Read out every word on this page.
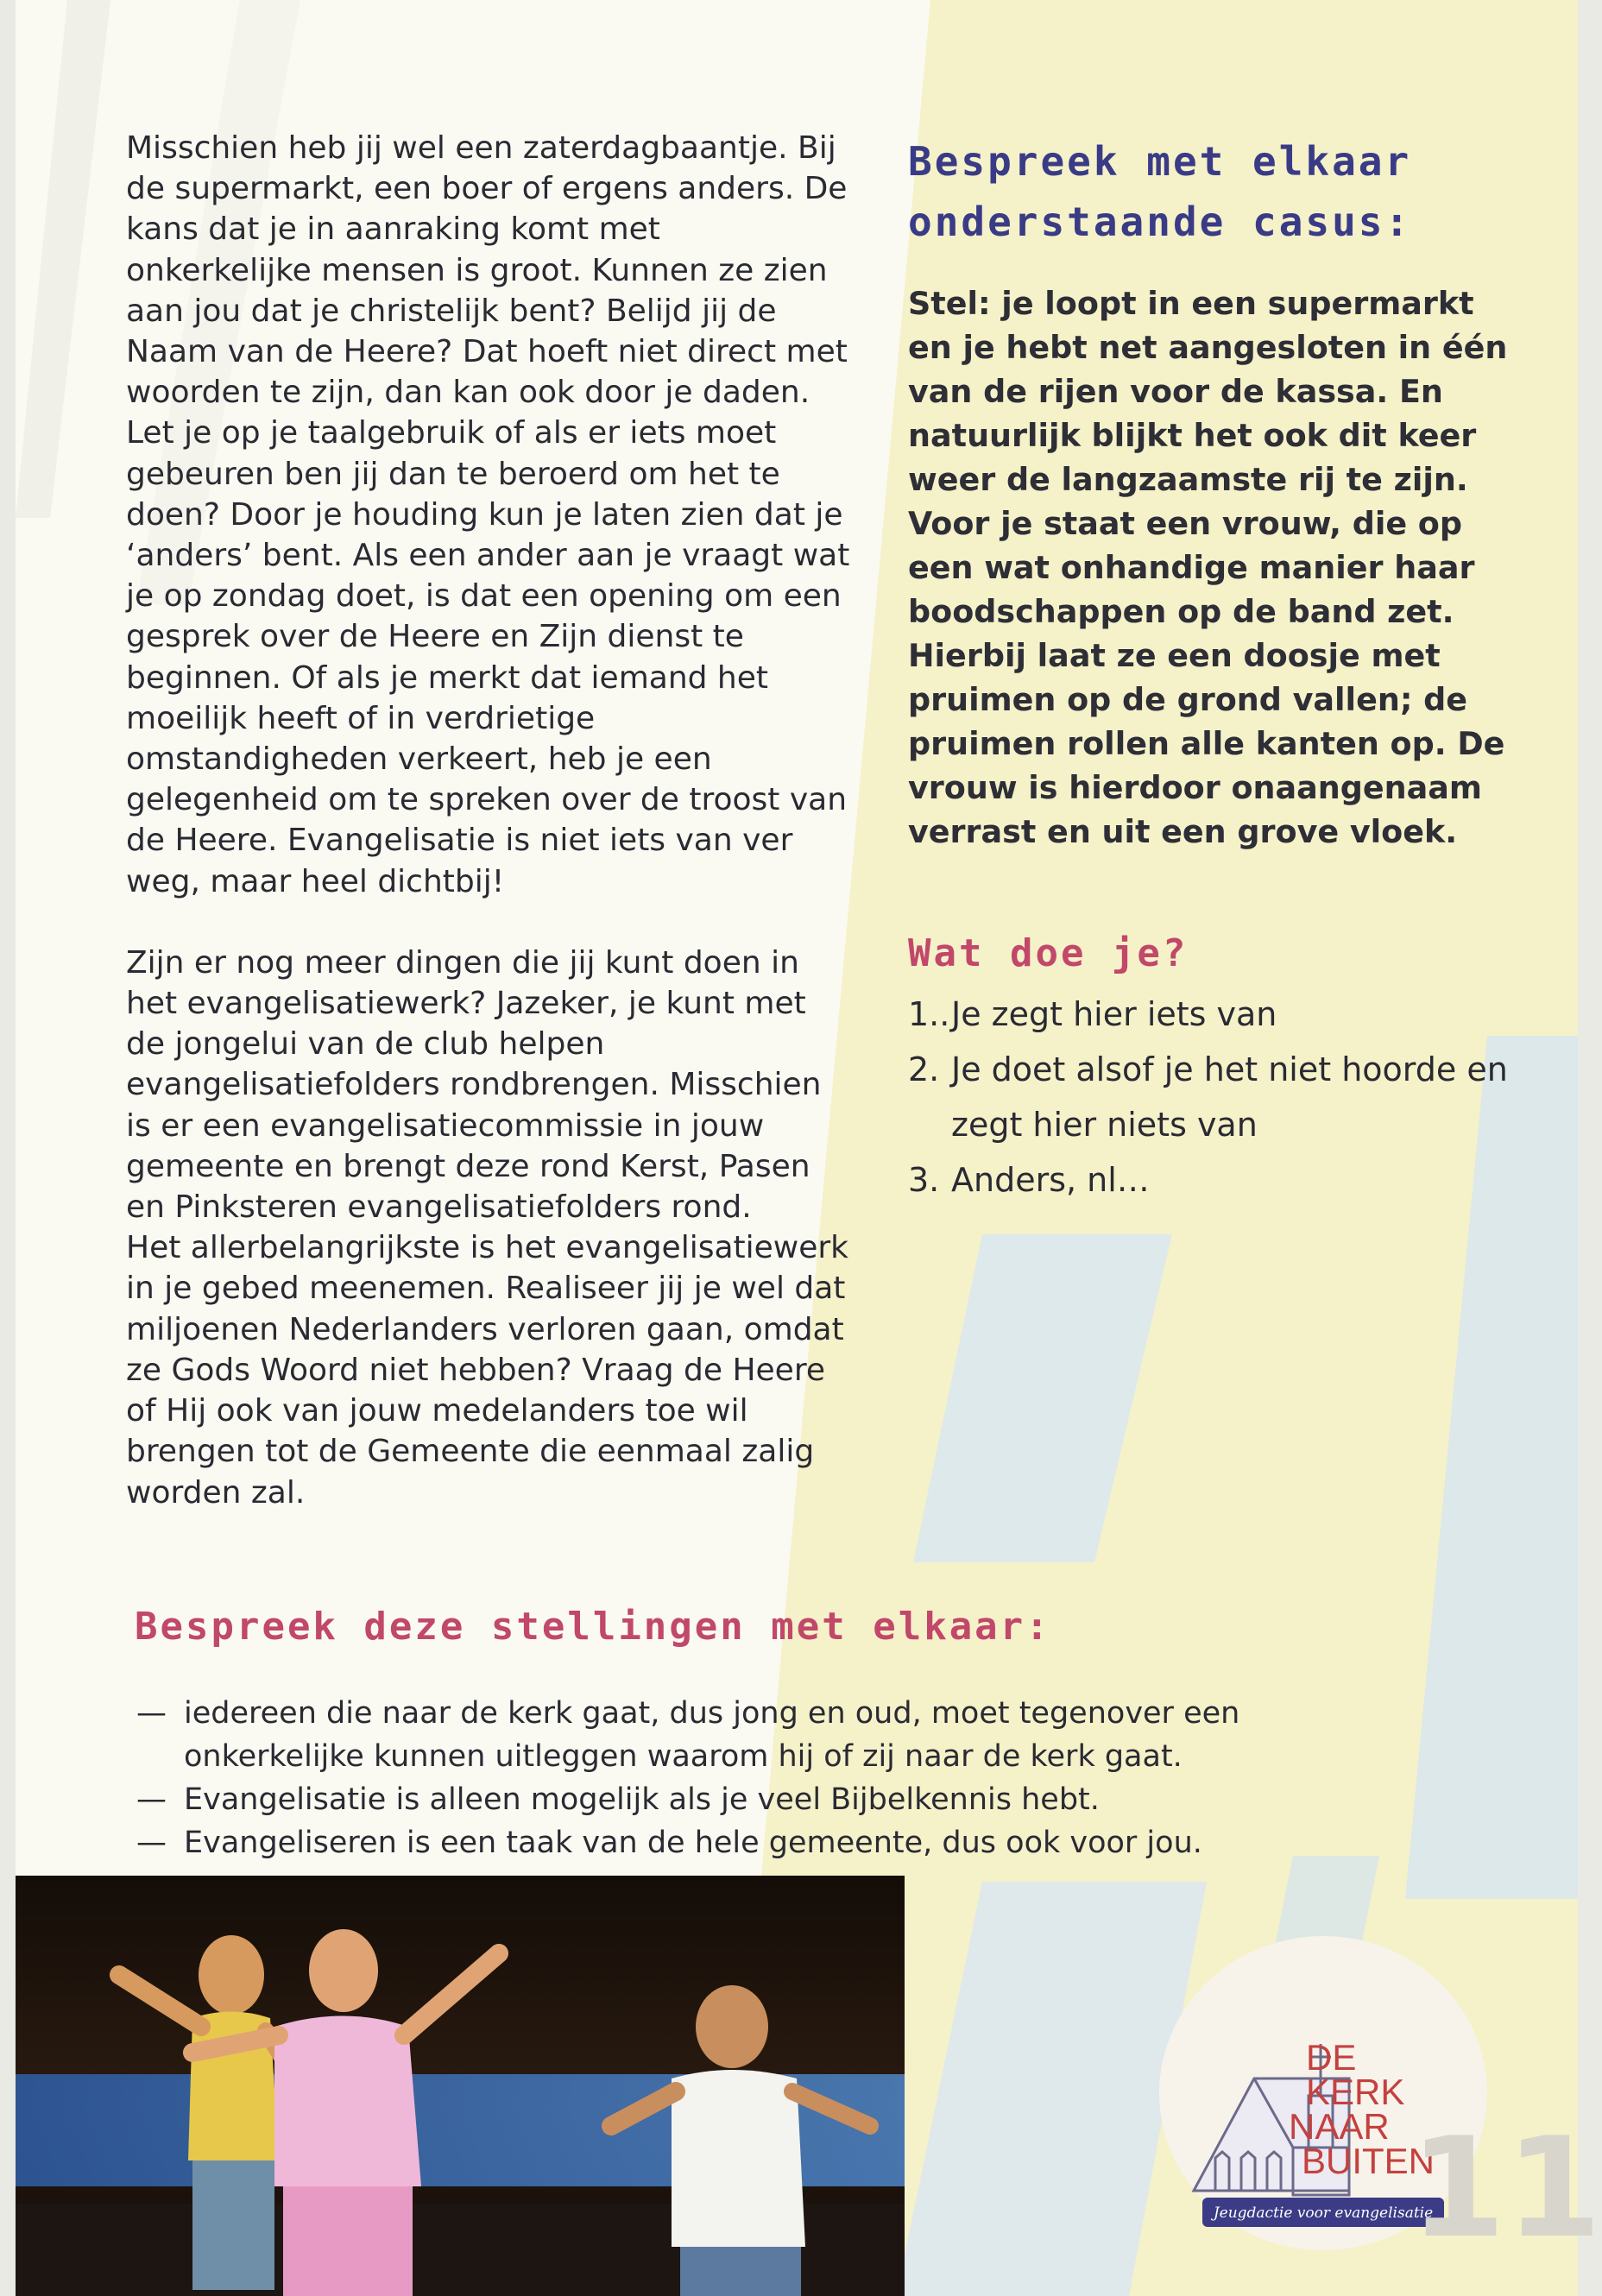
Misschien heb jij wel een zaterdagbaantje. Bij de supermarkt, een boer of ergens anders. De kans dat je in aanraking komt met onkerkelijke mensen is groot. Kunnen ze zien aan jou dat je christelijk bent? Belijd jij de Naam van de Heere? Dat hoeft niet direct met woorden te zijn, dan kan ook door je daden. Let je op je taalgebruik of als er iets moet gebeuren ben jij dan te beroerd om het te doen? Door je houding kun je laten zien dat je ‘anders’ bent. Als een ander aan je vraagt wat je op zondag doet, is dat een opening om een gesprek over de Heere en Zijn dienst te beginnen. Of als je merkt dat iemand het moeilijk heeft of in verdrietige omstandigheden verkeert, heb je een gelegenheid om te spreken over de troost van de Heere. Evangelisatie is niet iets van ver weg, maar heel dichtbij!

Zijn er nog meer dingen die jij kunt doen in het evangelisatiewerk? Jazeker, je kunt met de jongelui van de club helpen evangelisatiefolders rondbrengen. Misschien is er een evangelisatiecommissie in jouw gemeente en brengt deze rond Kerst, Pasen en Pinksteren evangelisatiefolders rond.

Het allerbelangrijkste is het evangelisatiewerk in je gebed meenemen. Realiseer jij je wel dat miljoenen Nederlanders verloren gaan, omdat ze Gods Woord niet hebben? Vraag de Heere of Hij ook van jouw medelanders toe wil brengen tot de Gemeente die eenmaal zalig worden zal.

Bespreek met elkaar onderstaande casus:

Stel: je loopt in een supermarkt en je hebt net aangesloten in één van de rijen voor de kassa. En natuurlijk blijkt het ook dit keer weer de langzaamste rij te zijn. Voor je staat een vrouw, die op een wat onhandige manier haar boodschappen op de band zet. Hierbij laat ze een doosje met pruimen op de grond vallen; de pruimen rollen alle kanten op. De vrouw is hierdoor onaangenaam verrast en uit een grove vloek.

Wat doe je?
1.. Je zegt hier iets van
2. Je doet alsof je het niet hoorde en zegt hier niets van
3. Anders, nl…
Bespreek deze stellingen met elkaar:
— iedereen die naar de kerk gaat, dus jong en oud, moet tegenover een onkerkelijke kunnen uitleggen waarom hij of zij naar de kerk gaat.
— Evangelisatie is alleen mogelijk als je veel Bijbelkennis hebt.
— Evangeliseren is een taak van de hele gemeente, dus ook voor jou.
DE
KERK
NAAR
BUITEN
Jeugdactie voor evangelisatie
11
